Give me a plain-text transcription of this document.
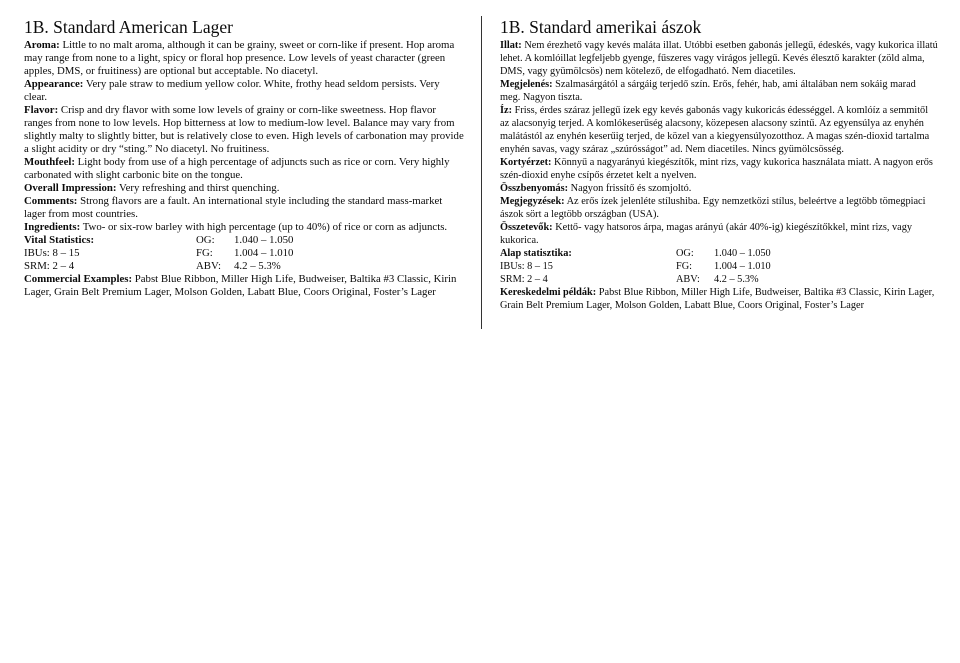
1B. Standard American Lager

Aroma: Little to no malt aroma, although it can be grainy, sweet or corn-like if present. Hop aroma may range from none to a light, spicy or floral hop presence. Low levels of yeast character (green apples, DMS, or fruitiness) are optional but acceptable. No diacetyl.

Appearance: Very pale straw to medium yellow color. White, frothy head seldom persists. Very clear.

Flavor: Crisp and dry flavor with some low levels of grainy or corn-like sweetness. Hop flavor ranges from none to low levels. Hop bitterness at low to medium-low level. Balance may vary from slightly malty to slightly bitter, but is relatively close to even. High levels of carbonation may provide a slight acidity or dry “sting.” No diacetyl. No fruitiness.

Mouthfeel: Light body from use of a high percentage of adjuncts such as rice or corn. Very highly carbonated with slight carbonic bite on the tongue.

Overall Impression: Very refreshing and thirst quenching.

Comments: Strong flavors are a fault. An international style including the standard mass-market lager from most countries.

Ingredients: Two- or six-row barley with high percentage (up to 40%) of rice or corn as adjuncts.

Vital Statistics:	OG:	1.040 – 1.050
IBUs: 8 – 15	FG:	1.004 – 1.010
SRM: 2 – 4	ABV:	4.2 – 5.3%

Commercial Examples: Pabst Blue Ribbon, Miller High Life, Budweiser, Baltika #3 Classic, Kirin Lager, Grain Belt Premium Lager, Molson Golden, Labatt Blue, Coors Original, Foster’s Lager

1B. Standard amerikai ászok

Illat: Nem érezhető vagy kevés maláta illat. Utóbbi esetben gabonás jellegű, édeskés, vagy kukorica illatú lehet. A komlóillat legfeljebb gyenge, fűszeres vagy virágos jellegű. Kevés élesztő karakter (zöld alma, DMS, vagy gyümölcsös) nem kötelező, de elfogadható. Nem diacetiles.

Megjelenés: Szalmasárgától a sárgáig terjedő szín. Erős, fehér, hab, ami általában nem sokáig marad meg. Nagyon tiszta.

Íz: Friss, érdes száraz jellegű ízek egy kevés gabonás vagy kukoricás édességgel. A komlóíz a semmitől az alacsonyig terjed. A komlókeserűség alacsony, közepesen alacsony szintű. Az egyensúlya az enyhén malátástól az enyhén keserűig terjed, de közel van a kiegyensúlyozotthoz. A magas szén-dioxid tartalma enyhén savas, vagy száraz „szúrósságot” ad. Nem diacetiles. Nincs gyümölcsösség.

Kortyérzet: Könnyű a nagyarányú kiegészítők, mint rizs, vagy kukorica használata miatt. A nagyon erős szén-dioxid enyhe csípős érzetet kelt a nyelven.

Összbenyomás: Nagyon frissítő és szomjoltó.

Megjegyzések: Az erős ízek jelenléte stílushiba. Egy nemzetközi stílus, beleértve a legtöbb tömegpiaci ászok sört a legtöbb országban (USA).

Összetevők: Kettő- vagy hatsoros árpa, magas arányú (akár 40%-ig) kiegészítőkkel, mint rizs, vagy kukorica.

Alap statisztika:	OG:	1.040 – 1.050
IBUs: 8 – 15	FG:	1.004 – 1.010
SRM: 2 – 4	ABV:	4.2 – 5.3%

Kereskedelmi példák: Pabst Blue Ribbon, Miller High Life, Budweiser, Baltika #3 Classic, Kirin Lager, Grain Belt Premium Lager, Molson Golden, Labatt Blue, Coors Original, Foster’s Lager
